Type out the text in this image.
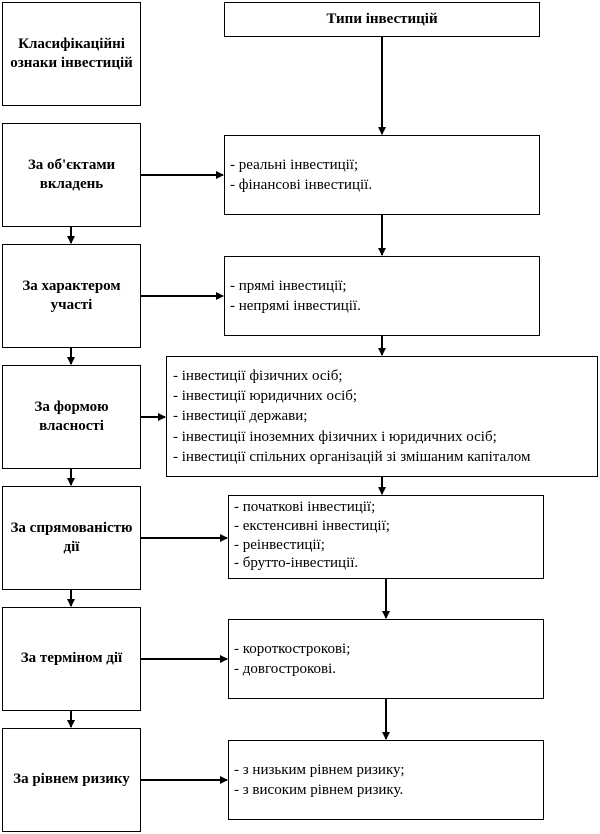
Класифікаційні ознаки інвестицій
За об'єктами вкладень
За характером участі
За формою власності
За спрямованістю дії
За терміном дії
За рівнем ризику
Типи інвестицій
- реальні інвестиції;
- фінансові інвестиції.
- прямі інвестиції;
- непрямі інвестиції.
- інвестиції фізичних осіб;
- інвестиції юридичних осіб;
- інвестиції держави;
- інвестиції іноземних фізичних і юридичних осіб;
- інвестиції спільних організацій зі змішаним капіталом
- початкові інвестиції;
- екстенсивні інвестиції;
- реінвестиції;
- брутто-інвестиції.
- короткострокові;
- довгострокові.
- з низьким рівнем ризику;
- з високим рівнем ризику.
